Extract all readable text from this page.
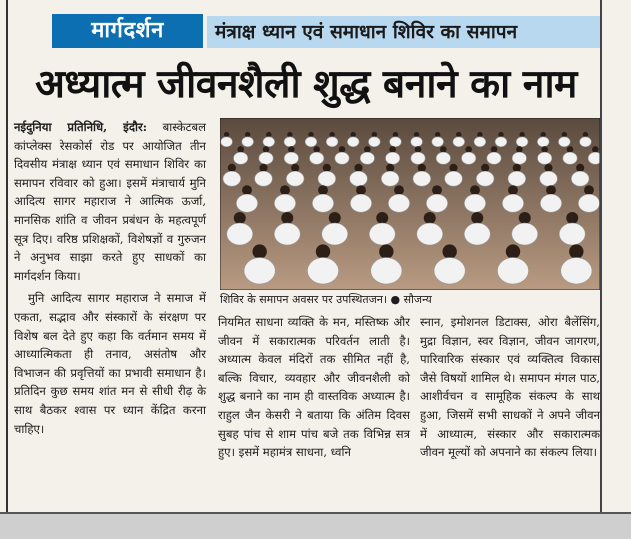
मार्गदर्शन	मंत्राक्ष ध्यान एवं समाधान शिविर का समापन
अध्यात्म जीवनशैली शुद्ध बनाने का नाम

नईदुनिया प्रतिनिधि, इंदौर: बास्केटबल कांप्लेक्स रेसकोर्स रोड पर आयोजित तीन दिवसीय मंत्राक्ष ध्यान एवं समाधान शिविर का समापन रविवार को हुआ। इसमें मंत्राचार्य मुनि आदित्य सागर महाराज ने आत्मिक ऊर्जा, मानसिक शांति व जीवन प्रबंधन के महत्वपूर्ण सूत्र दिए। वरिष्ठ प्रशिक्षकों, विशेषज्ञों व गुरुजन ने अनुभव साझा करते हुए साधकों का मार्गदर्शन किया।

मुनि आदित्य सागर महाराज ने समाज में एकता, सद्भाव और संस्कारों के संरक्षण पर विशेष बल देते हुए कहा कि वर्तमान समय में आध्यात्मिकता ही तनाव, असंतोष और विभाजन की प्रवृत्तियों का प्रभावी समाधान है। प्रतिदिन कुछ समय शांत मन से सीधी रीढ़ के साथ बैठकर श्वास पर ध्यान केंद्रित करना चाहिए।

शिविर के समापन अवसर पर उपस्थितजन। ● सौजन्य
नियमित साधना व्यक्ति के मन, मस्तिष्क और जीवन में सकारात्मक परिवर्तन लाती है। अध्यात्म केवल मंदिरों तक सीमित नहीं है, बल्कि विचार, व्यवहार और जीवनशैली को शुद्ध बनाने का नाम ही वास्तविक अध्यात्म है। राहुल जैन केसरी ने बताया कि अंतिम दिवस सुबह पांच से शाम पांच बजे तक विभिन्न सत्र हुए। इसमें महामंत्र साधना, ध्वनि
स्नान, इमोशनल डिटाक्स, ओरा बैलेंसिंग, मुद्रा विज्ञान, स्वर विज्ञान, जीवन जागरण, पारिवारिक संस्कार एवं व्यक्तित्व विकास जैसे विषयों शामिल थे। समापन मंगल पाठ, आशीर्वचन व सामूहिक संकल्प के साथ हुआ, जिसमें सभी साधकों ने अपने जीवन में आध्यात्म, संस्कार और सकारात्मक जीवन मूल्यों को अपनाने का संकल्प लिया।
